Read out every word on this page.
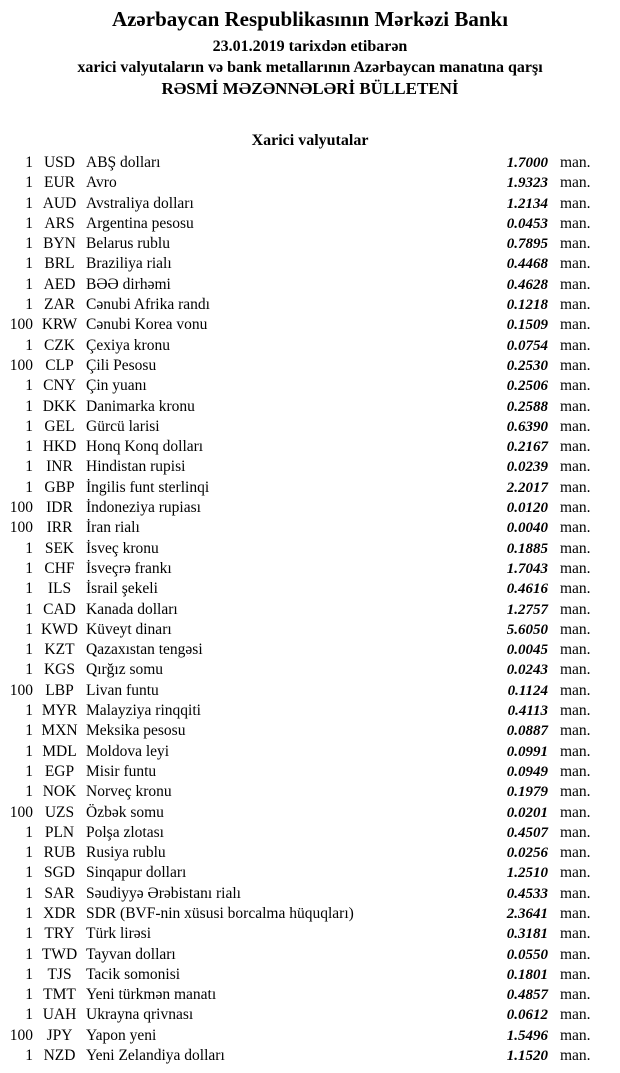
Azərbaycan Respublikasının Mərkəzi Bankı
23.01.2019 tarixdən etibarən
xarici valyutaların və bank metallarının Azərbaycan manatına qarşı
RƏSMİ MƏZƏNNƏLƏRİ BÜLLETENİ
Xarici valyutalar
1 USD ABŞ dolları	1.7000 man.
1 EUR Avro	1.9323 man.
1 AUD Avstraliya dolları	1.2134 man.
1 ARS Argentina pesosu	0.0453 man.
1 BYN Belarus rublu	0.7895 man.
1 BRL Braziliya rialı	0.4468 man.
1 AED BƏƏ dirhəmi	0.4628 man.
1 ZAR Cənubi Afrika randı	0.1218 man.
100 KRW Cənubi Korea vonu	0.1509 man.
1 CZK Çexiya kronu	0.0754 man.
100 CLP Çili Pesosu	0.2530 man.
1 CNY Çin yuanı	0.2506 man.
1 DKK Danimarka kronu	0.2588 man.
1 GEL Gürcü larisi	0.6390 man.
1 HKD Honq Konq dolları	0.2167 man.
1 INR Hindistan rupisi	0.0239 man.
1 GBP İngilis funt sterlinqi	2.2017 man.
100 IDR İndoneziya rupiası	0.0120 man.
100 IRR İran rialı	0.0040 man.
1 SEK İsveç kronu	0.1885 man.
1 CHF İsveçrə frankı	1.7043 man.
1 ILS İsrail şekeli	0.4616 man.
1 CAD Kanada dolları	1.2757 man.
1 KWD Küveyt dinarı	5.6050 man.
1 KZT Qazaxıstan tengəsi	0.0045 man.
1 KGS Qırğız somu	0.0243 man.
100 LBP Livan funtu	0.1124 man.
1 MYR Malayziya rinqqiti	0.4113 man.
1 MXN Meksika pesosu	0.0887 man.
1 MDL Moldova leyi	0.0991 man.
1 EGP Misir funtu	0.0949 man.
1 NOK Norveç kronu	0.1979 man.
100 UZS Özbək somu	0.0201 man.
1 PLN Polşa zlotası	0.4507 man.
1 RUB Rusiya rublu	0.0256 man.
1 SGD Sinqapur dolları	1.2510 man.
1 SAR Səudiyyə Ərəbistanı rialı	0.4533 man.
1 XDR SDR (BVF-nin xüsusi borcalma hüquqları)	2.3641 man.
1 TRY Türk lirəsi	0.3181 man.
1 TWD Tayvan dolları	0.0550 man.
1 TJS Tacik somonisi	0.1801 man.
1 TMT Yeni türkmən manatı	0.4857 man.
1 UAH Ukrayna qrivnası	0.0612 man.
100 JPY Yapon yeni	1.5496 man.
1 NZD Yeni Zelandiya dolları	1.1520 man.
